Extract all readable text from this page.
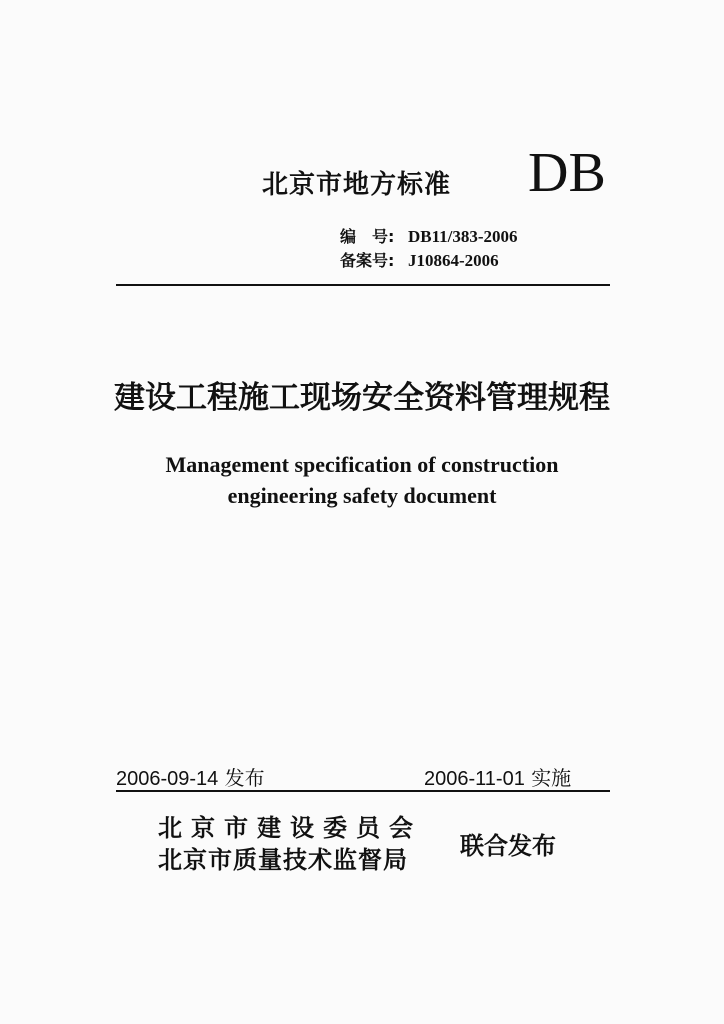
北京市地方标准 DB
编　号: DB11/383-2006
备案号: J10864-2006
建设工程施工现场安全资料管理规程
Management specification of construction
engineering safety document
2006-09-14 发布	2006-11-01 实施
北京市建设委员会
北京市质量技术监督局 联合发布
